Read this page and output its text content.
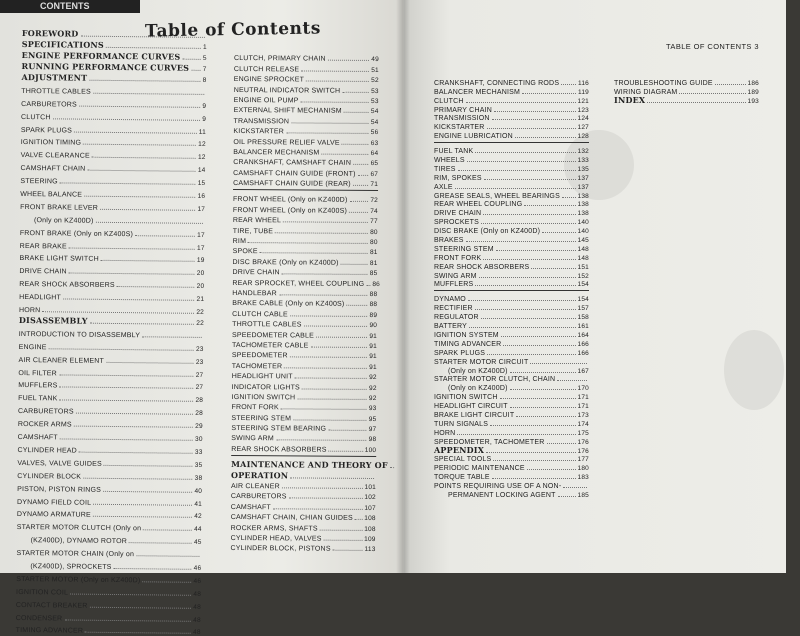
CONTENTS
Table of Contents
FOREWORD
SPECIFICATIONS	1
ENGINE PERFORMANCE CURVES	5
RUNNING PERFORMANCE CURVES 7
ADJUSTMENT	8
THROTTLE CABLES
CARBURETORS	9
CLUTCH	9
SPARK PLUGS	11
IGNITION TIMING	12
VALVE CLEARANCE	12
CAMSHAFT CHAIN	14
STEERING	15
WHEEL BALANCE	16
FRONT BRAKE LEVER	17
(Only on KZ400D)
FRONT BRAKE (Only on KZ400S)	17
REAR BRAKE	17
BRAKE LIGHT SWITCH	19
DRIVE CHAIN	20
REAR SHOCK ABSORBERS	20
HEADLIGHT	21
HORN	22
DISASSEMBLY	22
INTRODUCTION TO DISASSEMBLY
ENGINE	23
AIR CLEANER ELEMENT	23
OIL FILTER	27
MUFFLERS	27
FUEL TANK	28
CARBURETORS	28
ROCKER ARMS	29
CAMSHAFT	30
CYLINDER HEAD	33
VALVES, VALVE GUIDES	35
CYLINDER BLOCK	38
PISTON, PISTON RINGS	40
DYNAMO FIELD COIL	41
DYNAMO ARMATURE	42
STARTER MOTOR CLUTCH (Only on	44
(KZ400D), DYNAMO ROTOR	45
STARTER MOTOR CHAIN (Only on
(KZ400D), SPROCKETS	46
STARTER MOTOR (Only on KZ400D)	46
IGNITION COIL	48
CONTACT BREAKER	48
CONDENSER	48
TIMING ADVANCER	48
CLUTCH, PRIMARY CHAIN	49
CLUTCH RELEASE	51
ENGINE SPROCKET	52
NEUTRAL INDICATOR SWITCH	53
ENGINE OIL PUMP	53
EXTERNAL SHIFT MECHANISM	54
TRANSMISSION	54
KICKSTARTER	56
OIL PRESSURE RELIEF VALVE	63
BALANCER MECHANISM	64
CRANKSHAFT, CAMSHAFT CHAIN	65
CAMSHAFT CHAIN GUIDE (FRONT) 67
CAMSHAFT CHAIN GUIDE (REAR)	71
FRONT WHEEL (Only on KZ400D)	72
FRONT WHEEL (Only on KZ400S)	74
REAR WHEEL	77
TIRE, TUBE	80
RIM	80
SPOKE	81
DISC BRAKE (Only on KZ400D)	81
DRIVE CHAIN	85
REAR SPROCKET, WHEEL COUPLING 86
HANDLEBAR	88
BRAKE CABLE (Only on KZ400S)	88
CLUTCH CABLE	89
THROTTLE CABLES	90
SPEEDOMETER CABLE	91
TACHOMETER CABLE	91
SPEEDOMETER	91
TACHOMETER	91
HEADLIGHT UNIT	92
INDICATOR LIGHTS	92
IGNITION SWITCH	92
FRONT FORK	93
STEERING STEM	95
STEERING STEM BEARING	97
SWING ARM	98
REAR SHOCK ABSORBERS	100
MAINTENANCE AND THEORY OF
OPERATION
AIR CLEANER	101
CARBURETORS	102
CAMSHAFT	107
CAMSHAFT CHAIN, CHIAN GUIDES 108
ROCKER ARMS, SHAFTS	108
CYLINDER HEAD, VALVES	109
CYLINDER BLOCK, PISTONS	113
TABLE OF CONTENTS 3
CRANKSHAFT, CONNECTING RODS	116
BALANCER MECHANISM	119
CLUTCH	121
PRIMARY CHAIN	123
TRANSMISSION	124
KICKSTARTER	127
ENGINE LUBRICATION	128
FUEL TANK	132
WHEELS	133
TIRES	135
RIM, SPOKES	137
AXLE	137
GREASE SEALS, WHEEL BEARINGS	138
REAR WHEEL COUPLING	138
DRIVE CHAIN	138
SPROCKETS	140
DISC BRAKE (Only on KZ400D)	140
BRAKES	145
STEERING STEM	148
FRONT FORK	148
REAR SHOCK ABSORBERS	151
SWING ARM	152
MUFFLERS	154
DYNAMO	154
RECTIFIER	157
REGULATOR	158
BATTERY	161
IGNITION SYSTEM	164
TIMING ADVANCER	166
SPARK PLUGS	166
STARTER MOTOR CIRCUIT
(Only on KZ400D)	167
STARTER MOTOR CLUTCH, CHAIN
(Only on KZ400D)	170
IGNITION SWITCH	171
HEADLIGHT CIRCUIT	171
BRAKE LIGHT CIRCUIT	173
TURN SIGNALS	174
HORN	175
SPEEDOMETER, TACHOMETER	176
APPENDIX	176
SPECIAL TOOLS	177
PERIODIC MAINTENANCE	180
TORQUE TABLE	183
POINTS REQUIRING USE OF A NON-
PERMANENT LOCKING AGENT	185
TROUBLESHOOTING GUIDE	186
WIRING DIAGRAM	189
INDEX	193
